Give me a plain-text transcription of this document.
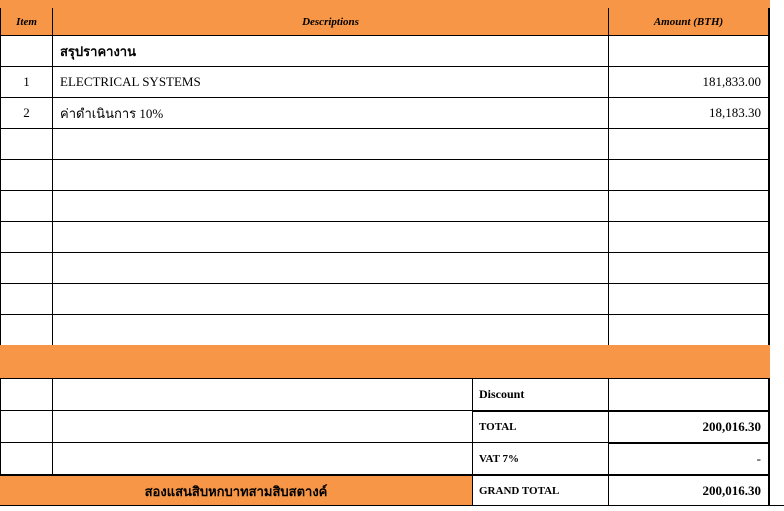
Item	Descriptions	Amount (BTH)
สรุปราคางาน
1	ELECTRICAL SYSTEMS	181,833.00
2	ค่าดำเนินการ 10%	18,183.30
Discount
TOTAL	200,016.30
VAT 7%	-
สองแสนสิบหกบาทสามสิบสตางค์	GRAND TOTAL	200,016.30
